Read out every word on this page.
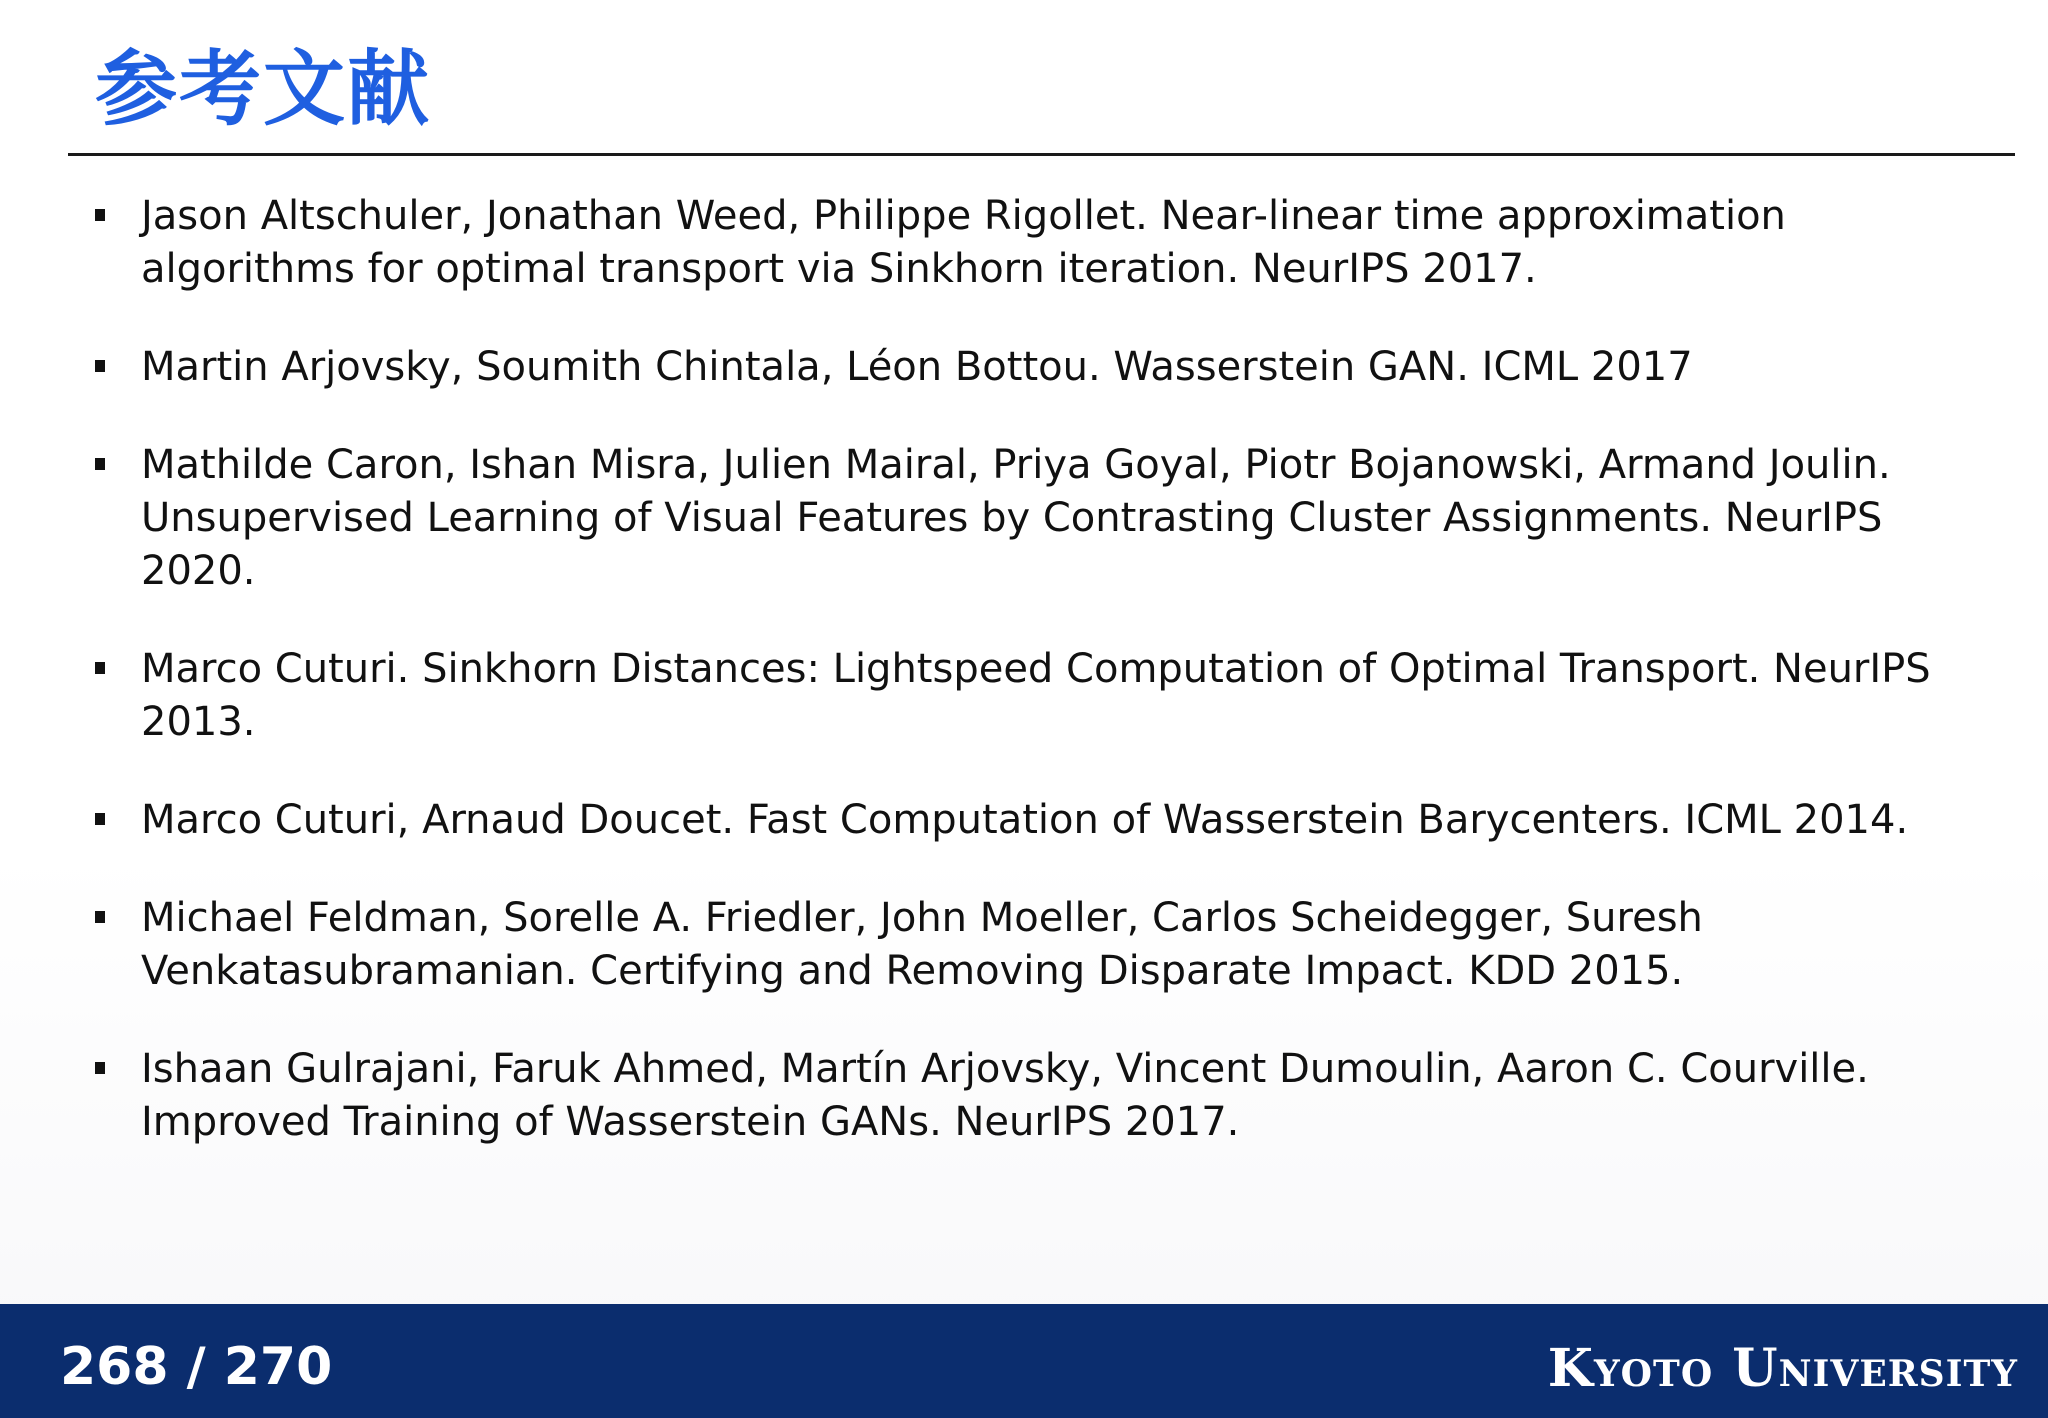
参考文献
Jason Altschuler, Jonathan Weed, Philippe Rigollet. Near-linear time approximation algorithms for optimal transport via Sinkhorn iteration. NeurIPS 2017.
Martin Arjovsky, Soumith Chintala, Léon Bottou. Wasserstein GAN. ICML 2017
Mathilde Caron, Ishan Misra, Julien Mairal, Priya Goyal, Piotr Bojanowski, Armand Joulin. Unsupervised Learning of Visual Features by Contrasting Cluster Assignments. NeurIPS 2020.
Marco Cuturi. Sinkhorn Distances: Lightspeed Computation of Optimal Transport. NeurIPS 2013.
Marco Cuturi, Arnaud Doucet. Fast Computation of Wasserstein Barycenters. ICML 2014.
Michael Feldman, Sorelle A. Friedler, John Moeller, Carlos Scheidegger, Suresh Venkatasubramanian. Certifying and Removing Disparate Impact. KDD 2015.
Ishaan Gulrajani, Faruk Ahmed, Martín Arjovsky, Vincent Dumoulin, Aaron C. Courville. Improved Training of Wasserstein GANs. NeurIPS 2017.
268 / 270	Kyoto University
